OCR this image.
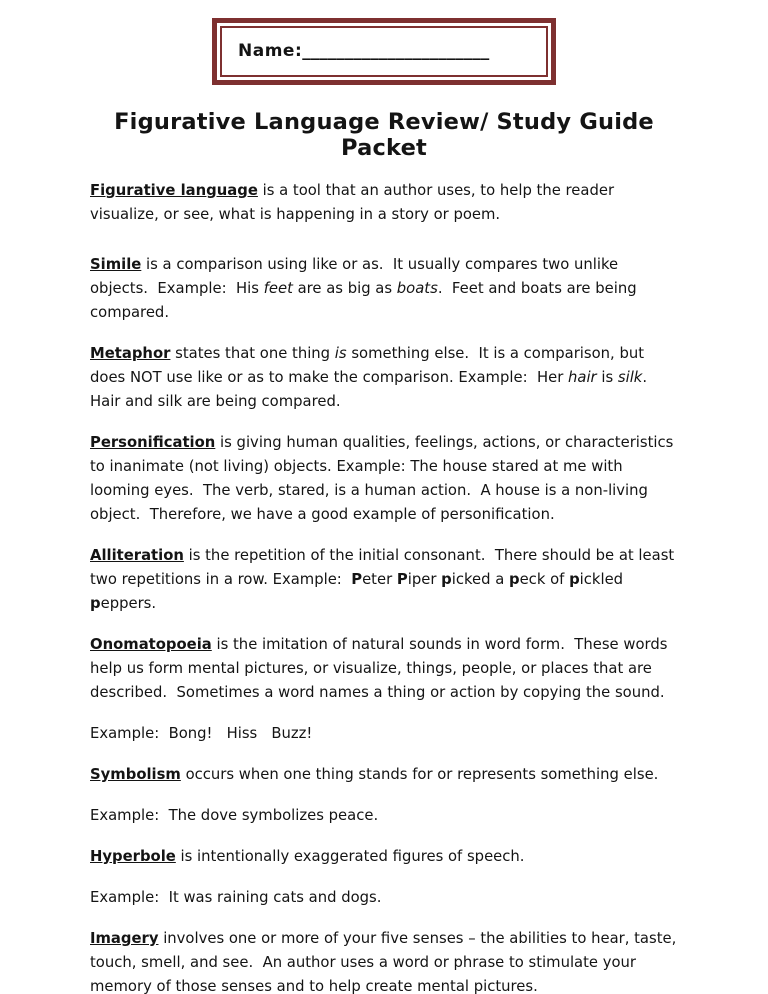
Name:______________________
Figurative Language Review/ Study Guide Packet

Figurative language is a tool that an author uses, to help the reader visualize, or see, what is happening in a story or poem.

Simile is a comparison using like or as.  It usually compares two unlike objects.  Example:  His feet are as big as boats.  Feet and boats are being compared.

Metaphor states that one thing is something else.  It is a comparison, but does NOT use like or as to make the comparison. Example:  Her hair is silk.   Hair and silk are being compared.

Personification is giving human qualities, feelings, actions, or characteristics to inanimate (not living) objects. Example: The house stared at me with looming eyes.  The verb, stared, is a human action.  A house is a non-living object.  Therefore, we have a good example of personification.

Alliteration is the repetition of the initial consonant.  There should be at least two repetitions in a row. Example:  Peter Piper picked a peck of pickled peppers.

Onomatopoeia is the imitation of natural sounds in word form.  These words help us form mental pictures, or visualize, things, people, or places that are described.  Sometimes a word names a thing or action by copying the sound.

Example:  Bong!   Hiss   Buzz!

Symbolism occurs when one thing stands for or represents something else.

Example:  The dove symbolizes peace.

Hyperbole is intentionally exaggerated figures of speech.

Example:  It was raining cats and dogs.

Imagery involves one or more of your five senses – the abilities to hear, taste, touch, smell, and see.  An author uses a word or phrase to stimulate your memory of those senses and to help create mental pictures.
